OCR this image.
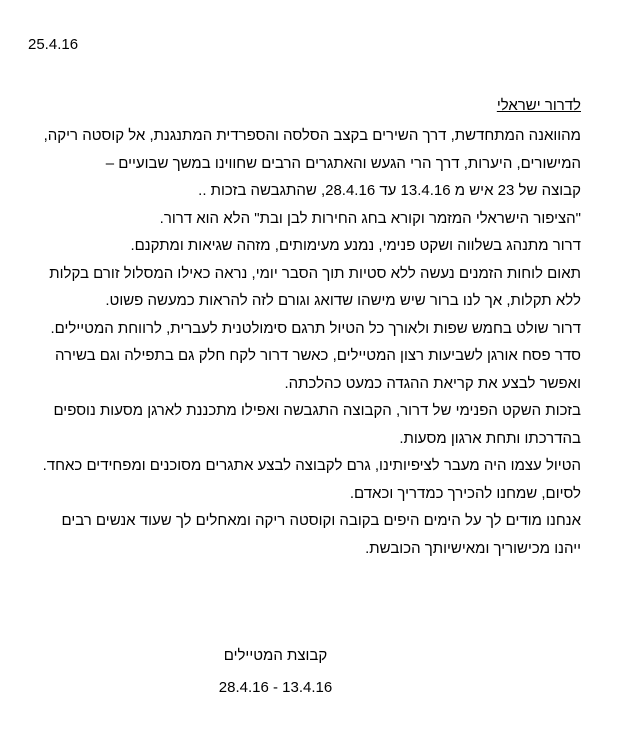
25.4.16
לדרור ישראלי
מהוואנה המתחדשת, דרך השירים בקצב הסלסה והספרדית המתנגנת, אל קוסטה ריקה,
המישורים, היערות, דרך הרי הגעש והאתגרים הרבים שחווינו במשך שבועיים –
קבוצה של 23 איש מ 13.4.16 עד 28.4.16, שהתגבשה בזכות ..
"הציפור הישראלי המזמר וקורא בחג החירות לבן ובת" הלא הוא דרור.
דרור מתנהג בשלווה ושקט פנימי, נמנע מעימותים, מזהה שגיאות ומתקנם.
תאום לוחות הזמנים נעשה ללא סטיות תוך הסבר יומי, נראה כאילו המסלול זורם בקלות
ללא תקלות, אך לנו ברור שיש מישהו שדואג וגורם לזה להראות כמעשה פשוט.
דרור שולט בחמש שפות ולאורך כל הטיול תרגם סימולטנית לעברית, לרווחת המטיילים.
סדר פסח אורגן לשביעות רצון המטיילים, כאשר דרור לקח חלק גם בתפילה וגם בשירה
ואפשר לבצע את קריאת ההגדה כמעט כהלכתה.
בזכות השקט הפנימי של דרור, הקבוצה התגבשה ואפילו מתכננת לארגן מסעות נוספים
בהדרכתו ותחת ארגון מסעות.
הטיול עצמו היה מעבר לציפיותינו, גרם לקבוצה לבצע אתגרים מסוכנים ומפחידים כאחד.
לסיום, שמחנו להכירך כמדריך וכאדם.
אנחנו מודים לך על הימים היפים בקובה וקוסטה ריקה ומאחלים לך שעוד אנשים רבים
ייהנו מכישוריך ומאישיותך הכובשת.
קבוצת המטיילים
28.4.16 - 13.4.16
